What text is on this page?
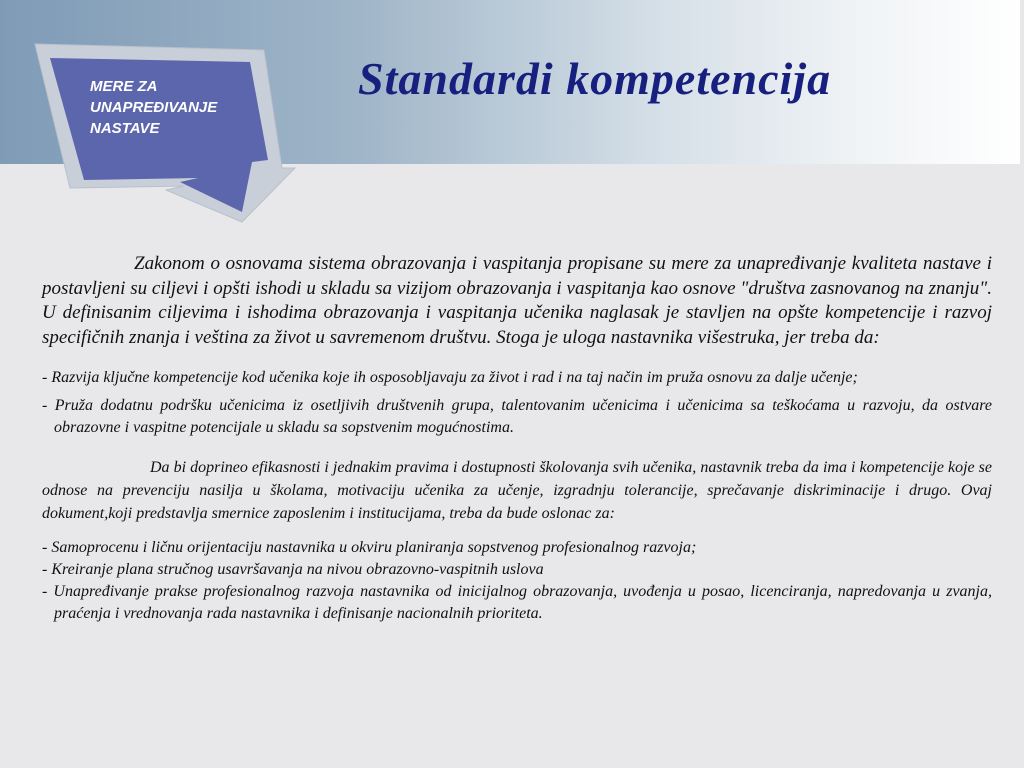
MERE ZA
UNAPREĐIVANJE
NASTAVE

Standardi kompetencija

Zakonom o osnovama sistema obrazovanja i vaspitanja propisane su mere za unapređivanje kvaliteta nastave i postavljeni su ciljevi i opšti ishodi u skladu sa vizijom obrazovanja i vaspitanja kao osnove "društva zasnovanog na znanju". U definisanim ciljevima i ishodima obrazovanja i vaspitanja učenika naglasak je stavljen na opšte kompetencije i razvoj specifičnih znanja i veština za život u savremenom društvu. Stoga je uloga nastavnika višestruka, jer treba da:

- Razvija ključne kompetencije kod učenika koje ih osposobljavaju za život i rad i na taj način im pruža osnovu za dalje učenje;
- Pruža dodatnu podršku učenicima iz osetljivih društvenih grupa, talentovanim učenicima i učenicima sa teškoćama u razvoju, da ostvare obrazovne i vaspitne potencijale u skladu sa sopstvenim mogućnostima.

Da bi doprineo efikasnosti i jednakim pravima i dostupnosti školovanja svih učenika, nastavnik treba da ima i kompetencije koje se odnose na prevenciju nasilja u školama, motivaciju učenika za učenje, izgradnju tolerancije, sprečavanje diskriminacije i drugo. Ovaj dokument,koji predstavlja smernice zaposlenim i institucijama, treba da bude oslonac za:

- Samoprocenu i ličnu orijentaciju nastavnika u okviru planiranja sopstvenog profesionalnog razvoja;
- Kreiranje plana stručnog usavršavanja na nivou obrazovno-vaspitnih uslova
- Unapređivanje prakse profesionalnog razvoja nastavnika od inicijalnog obrazovanja, uvođenja u posao, licenciranja, napredovanja u zvanja, praćenja i vrednovanja rada nastavnika i definisanje nacionalnih prioriteta.
